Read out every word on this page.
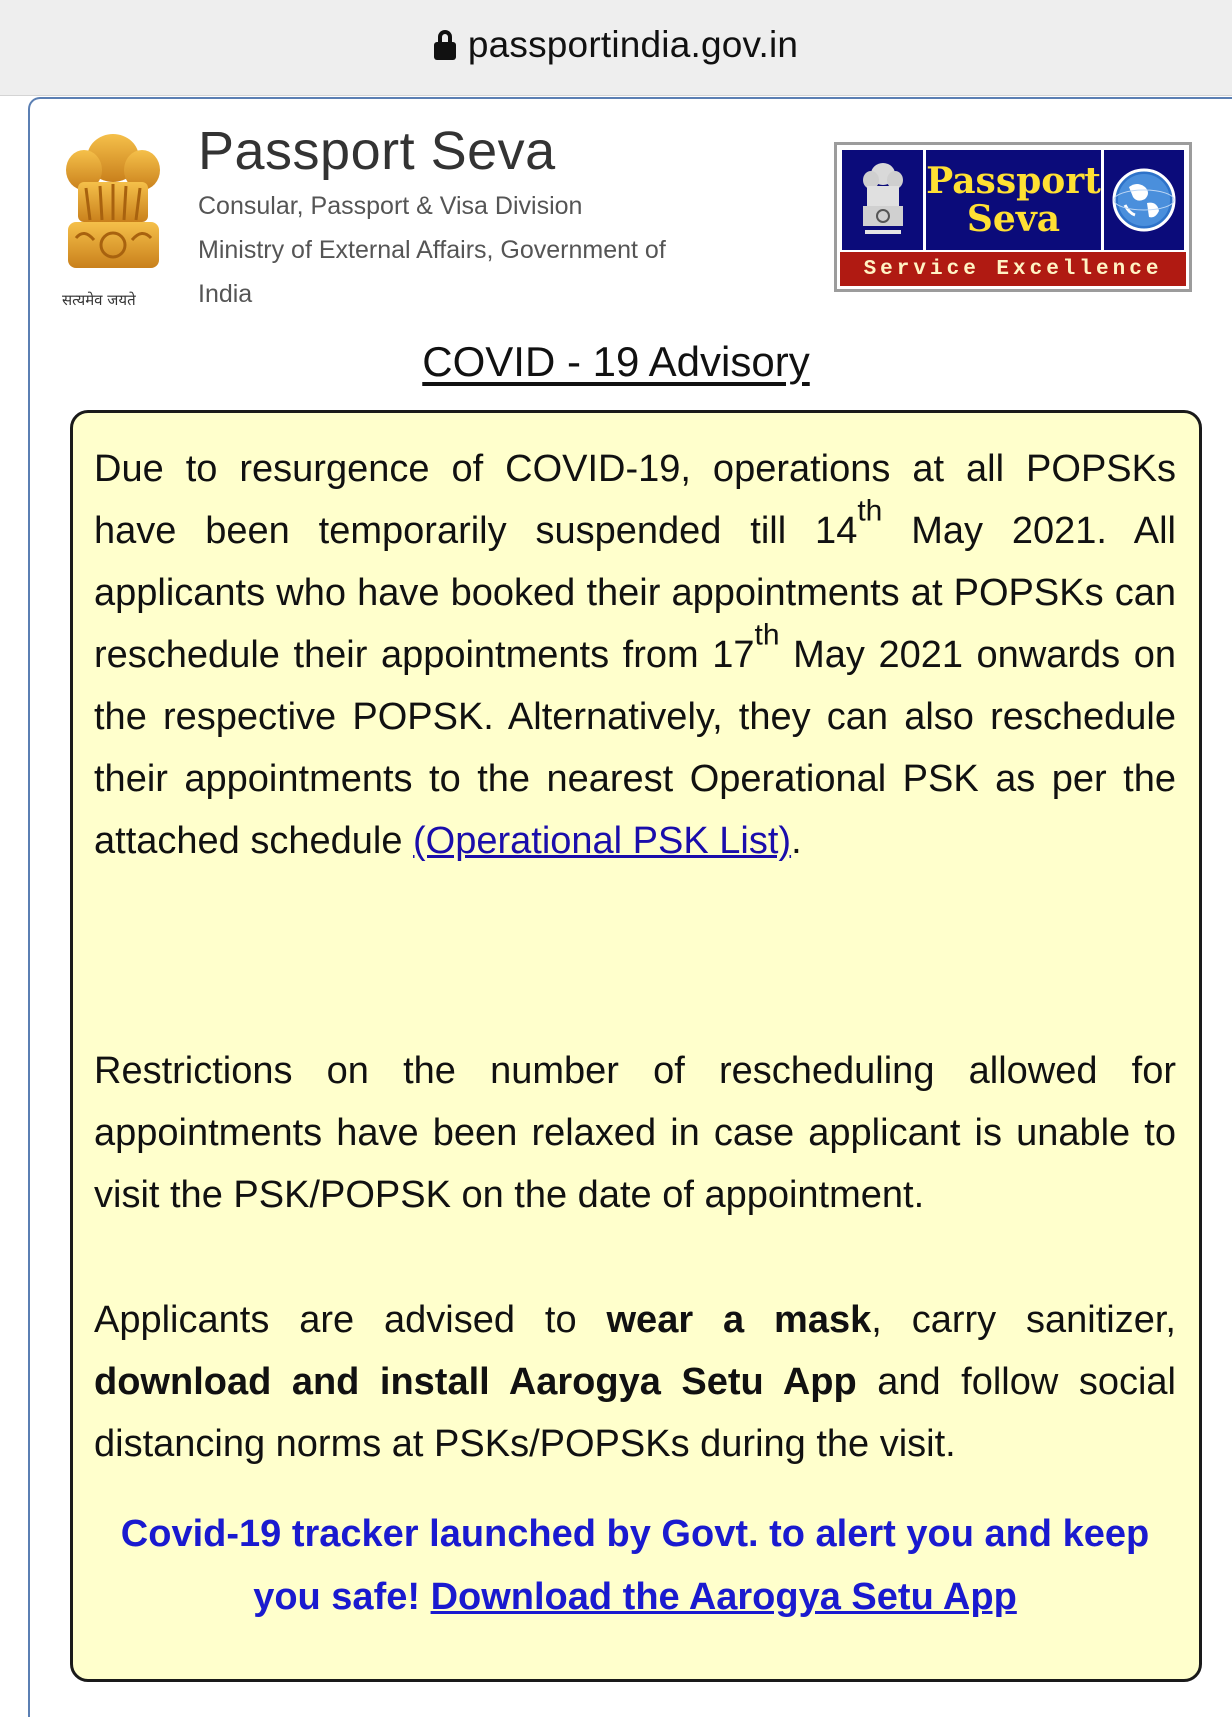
passportindia.gov.in
सत्यमेव जयते
Passport Seva
Consular, Passport & Visa Division
Ministry of External Affairs, Government of
India
Passport
Seva
Service Excellence
COVID - 19 Advisory
Due to resurgence of COVID-19, operations at all POPSKs have been temporarily suspended till 14th May 2021. All applicants who have booked their appointments at POPSKs can reschedule their appointments from 17th May 2021 onwards on the respective POPSK. Alternatively, they can also reschedule their appointments to the nearest Operational PSK as per the attached schedule (Operational PSK List).
Restrictions on the number of rescheduling allowed for appointments have been relaxed in case applicant is unable to visit the PSK/POPSK on the date of appointment.
Applicants are advised to wear a mask, carry sanitizer, download and install Aarogya Setu App and follow social distancing norms at PSKs/POPSKs during the visit.
Covid-19 tracker launched by Govt. to alert you and keep you safe! Download the Aarogya Setu App
